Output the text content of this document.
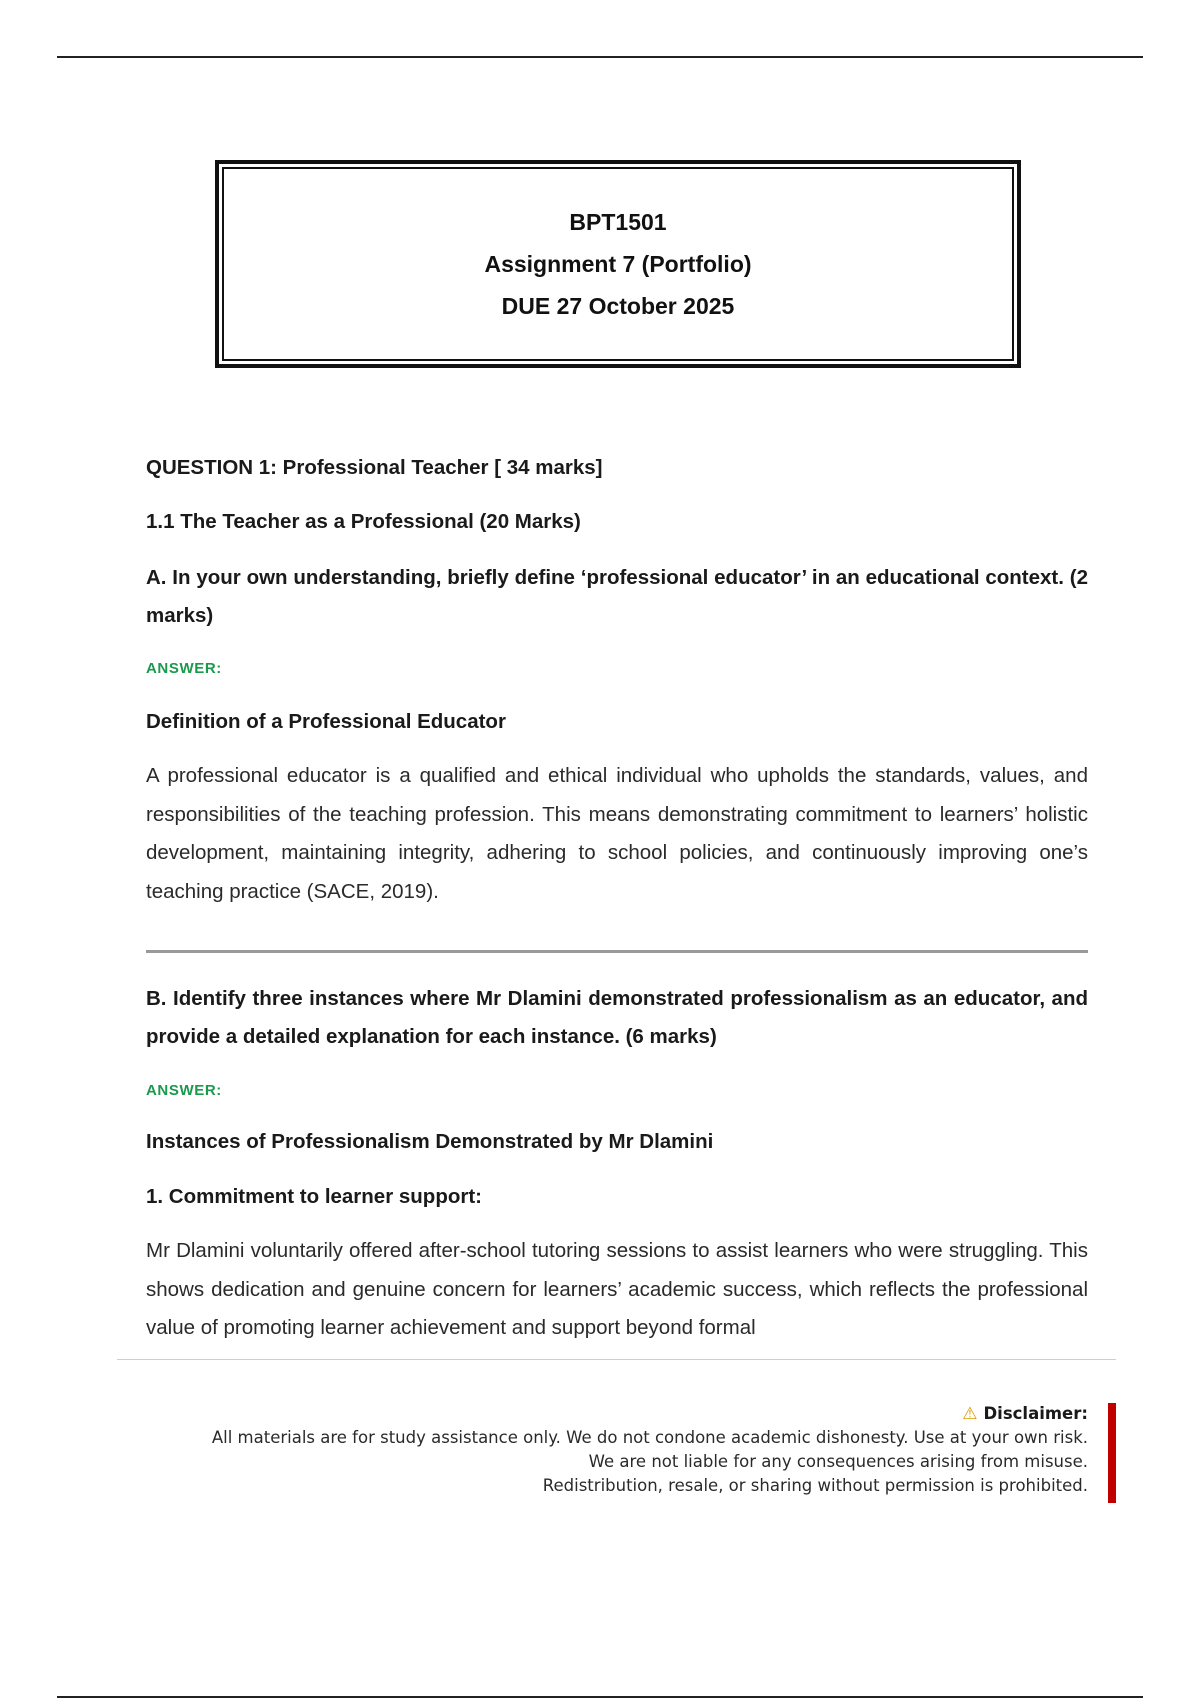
BPT1501
Assignment 7 (Portfolio)
DUE 27 October 2025
QUESTION 1: Professional Teacher [ 34 marks]
1.1 The Teacher as a Professional (20 Marks)
A. In your own understanding, briefly define ‘professional educator’ in an educational context. (2 marks)
ANSWER:
Definition of a Professional Educator
A professional educator is a qualified and ethical individual who upholds the standards, values, and responsibilities of the teaching profession. This means demonstrating commitment to learners’ holistic development, maintaining integrity, adhering to school policies, and continuously improving one’s teaching practice (SACE, 2019).
B. Identify three instances where Mr Dlamini demonstrated professionalism as an educator, and provide a detailed explanation for each instance. (6 marks)
ANSWER:
Instances of Professionalism Demonstrated by Mr Dlamini
1. Commitment to learner support:
Mr Dlamini voluntarily offered after-school tutoring sessions to assist learners who were struggling. This shows dedication and genuine concern for learners’ academic success, which reflects the professional value of promoting learner achievement and support beyond formal
⚠ Disclaimer:
All materials are for study assistance only. We do not condone academic dishonesty. Use at your own risk.
We are not liable for any consequences arising from misuse.
Redistribution, resale, or sharing without permission is prohibited.
